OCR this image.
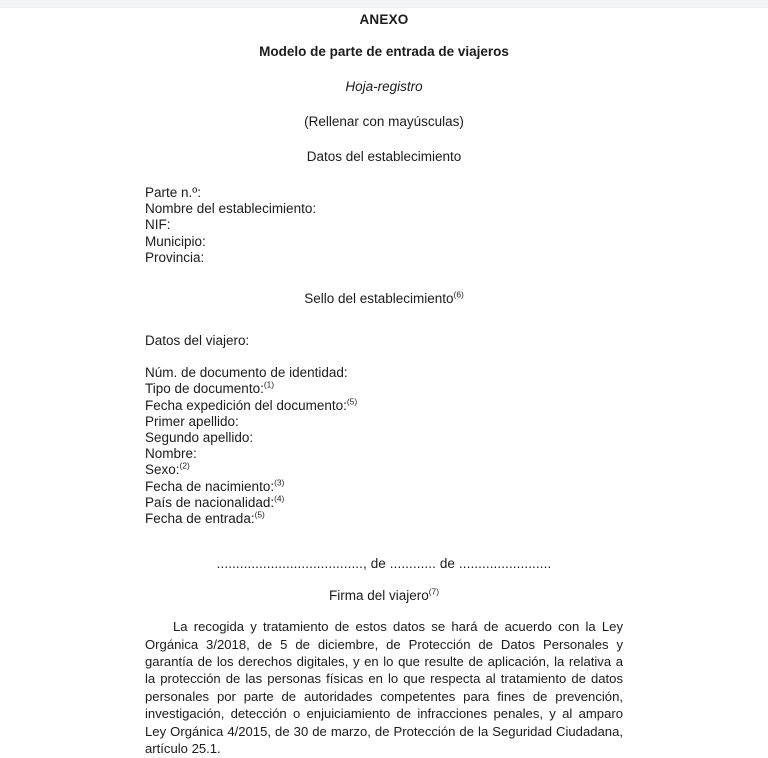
ANEXO
Modelo de parte de entrada de viajeros
Hoja-registro
(Rellenar con mayúsculas)
Datos del establecimiento
Parte n.º:
Nombre del establecimiento:
NIF:
Municipio:
Provincia:
Sello del establecimiento$^{(6)}$
Datos del viajero:
Núm. de documento de identidad:
Tipo de documento:$^{(1)}$
Fecha expedición del documento:$^{(5)}$
Primer apellido:
Segundo apellido:
Nombre:
Sexo:$^{(2)}$
Fecha de nacimiento:$^{(3)}$
País de nacionalidad:$^{(4)}$
Fecha de entrada:$^{(5)}$
......................................, de ............ de ........................
Firma del viajero$^{(7)}$
La recogida y tratamiento de estos datos se hará de acuerdo con la Ley Orgánica 3/2018, de 5 de diciembre, de Protección de Datos Personales y garantía de los derechos digitales, y en lo que resulte de aplicación, la relativa a la protección de las personas físicas en lo que respecta al tratamiento de datos personales por parte de autoridades competentes para fines de prevención, investigación, detección o enjuiciamiento de infracciones penales, y al amparo Ley Orgánica 4/2015, de 30 de marzo, de Protección de la Seguridad Ciudadana, artículo 25.1.
